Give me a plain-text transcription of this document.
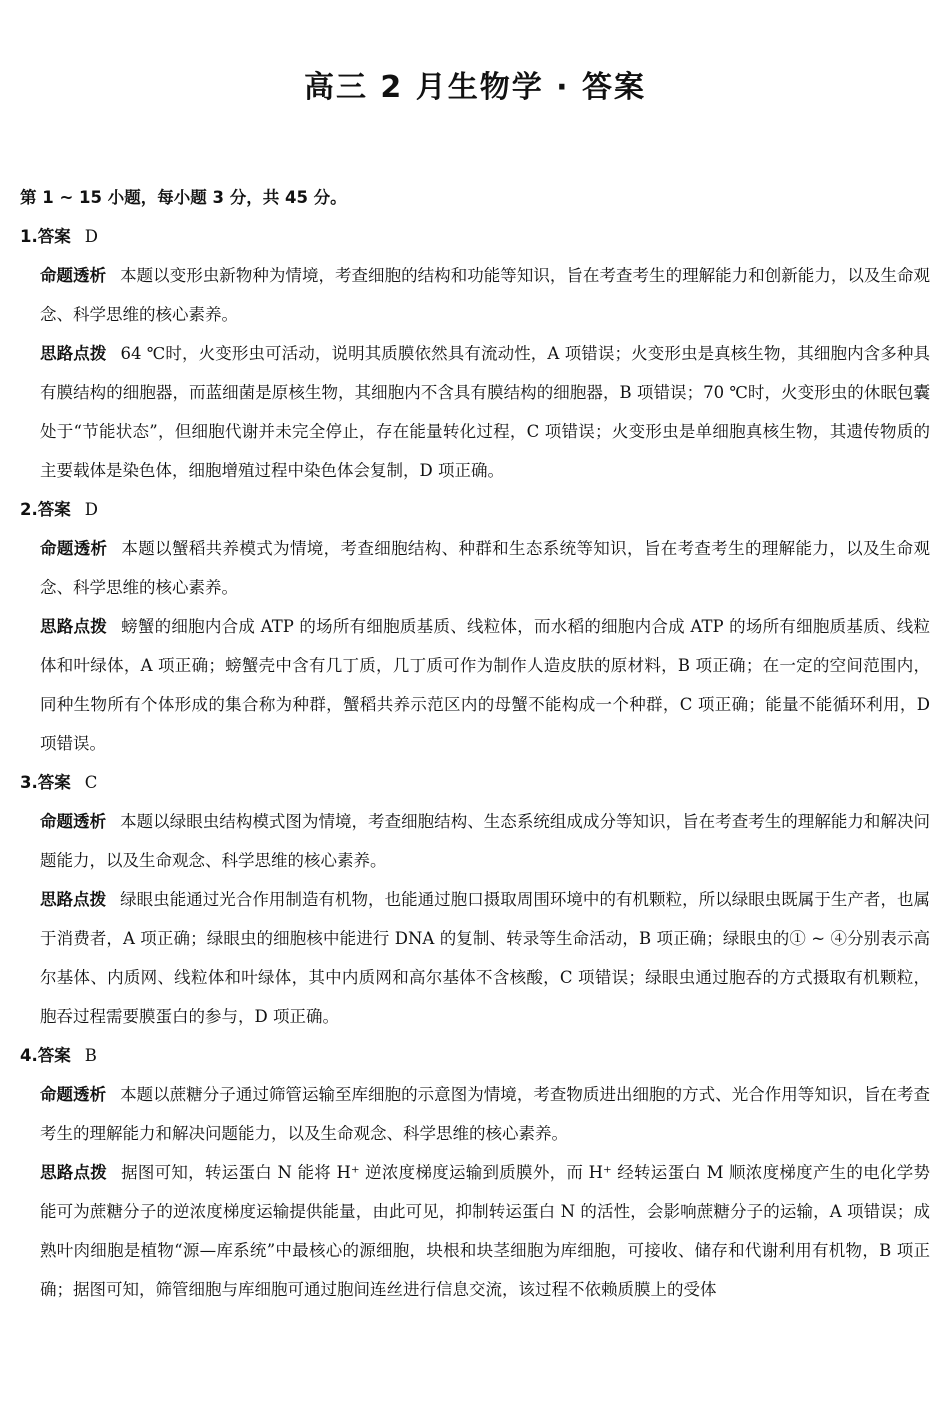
高三 2 月生物学 · 答案
第 1 ~ 15 小题，每小题 3 分，共 45 分。
1.答案 D
命题透析 本题以变形虫新物种为情境，考查细胞的结构和功能等知识，旨在考查考生的理解能力和创新能力，以及生命观念、科学思维的核心素养。
思路点拨 64 ℃时，火变形虫可活动，说明其质膜依然具有流动性，A 项错误；火变形虫是真核生物，其细胞内含多种具有膜结构的细胞器，而蓝细菌是原核生物，其细胞内不含具有膜结构的细胞器，B 项错误；70 ℃时，火变形虫的休眠包囊处于“节能状态”，但细胞代谢并未完全停止，存在能量转化过程，C 项错误；火变形虫是单细胞真核生物，其遗传物质的主要载体是染色体，细胞增殖过程中染色体会复制，D 项正确。
2.答案 D
命题透析 本题以蟹稻共养模式为情境，考查细胞结构、种群和生态系统等知识，旨在考查考生的理解能力，以及生命观念、科学思维的核心素养。
思路点拨 螃蟹的细胞内合成 ATP 的场所有细胞质基质、线粒体，而水稻的细胞内合成 ATP 的场所有细胞质基质、线粒体和叶绿体，A 项正确；螃蟹壳中含有几丁质，几丁质可作为制作人造皮肤的原材料，B 项正确；在一定的空间范围内，同种生物所有个体形成的集合称为种群，蟹稻共养示范区内的母蟹不能构成一个种群，C 项正确；能量不能循环利用，D 项错误。
3.答案 C
命题透析 本题以绿眼虫结构模式图为情境，考查细胞结构、生态系统组成成分等知识，旨在考查考生的理解能力和解决问题能力，以及生命观念、科学思维的核心素养。
思路点拨 绿眼虫能通过光合作用制造有机物，也能通过胞口摄取周围环境中的有机颗粒，所以绿眼虫既属于生产者，也属于消费者，A 项正确；绿眼虫的细胞核中能进行 DNA 的复制、转录等生命活动，B 项正确；绿眼虫的① ~ ④分别表示高尔基体、内质网、线粒体和叶绿体，其中内质网和高尔基体不含核酸，C 项错误；绿眼虫通过胞吞的方式摄取有机颗粒，胞吞过程需要膜蛋白的参与，D 项正确。
4.答案 B
命题透析 本题以蔗糖分子通过筛管运输至库细胞的示意图为情境，考查物质进出细胞的方式、光合作用等知识，旨在考查考生的理解能力和解决问题能力，以及生命观念、科学思维的核心素养。
思路点拨 据图可知，转运蛋白 N 能将 H⁺ 逆浓度梯度运输到质膜外，而 H⁺ 经转运蛋白 M 顺浓度梯度产生的电化学势能可为蔗糖分子的逆浓度梯度运输提供能量，由此可见，抑制转运蛋白 N 的活性，会影响蔗糖分子的运输，A 项错误；成熟叶肉细胞是植物“源—库系统”中最核心的源细胞，块根和块茎细胞为库细胞，可接收、储存和代谢利用有机物，B 项正确；据图可知，筛管细胞与库细胞可通过胞间连丝进行信息交流，该过程不依赖质膜上的受体
